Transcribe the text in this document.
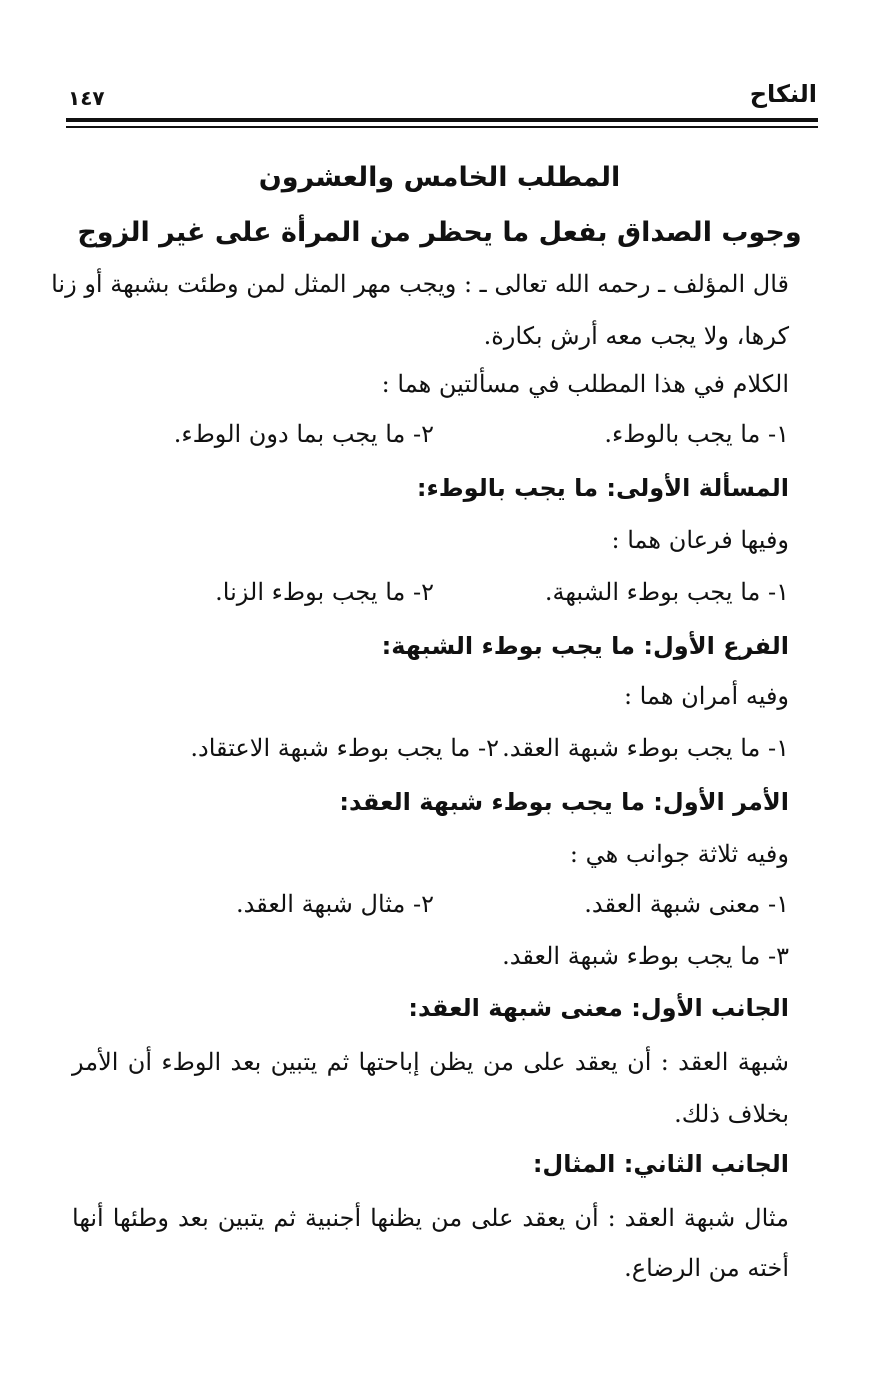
النكاح
١٤٧
المطلب الخامس والعشرون
وجوب الصداق بفعل ما يحظر من المرأة على غير الزوج
قال المؤلف ـ رحمه الله تعالى ـ : ويجب مهر المثل لمن وطئت بشبهة أو زنا
كرها، ولا يجب معه أرش بكارة.
الكلام في هذا المطلب في مسألتين هما :
١- ما يجب بالوطء.
٢- ما يجب بما دون الوطء.
المسألة الأولى: ما يجب بالوطء:
وفيها فرعان هما :
١- ما يجب بوطء الشبهة.
٢- ما يجب بوطء الزنا.
الفرع الأول: ما يجب بوطء الشبهة:
وفيه أمران هما :
١- ما يجب بوطء شبهة العقد.
٢- ما يجب بوطء شبهة الاعتقاد.
الأمر الأول: ما يجب بوطء شبهة العقد:
وفيه ثلاثة جوانب هي :
١- معنى شبهة العقد.
٢- مثال شبهة العقد.
٣- ما يجب بوطء شبهة العقد.
الجانب الأول: معنى شبهة العقد:
شبهة العقد : أن يعقد على من يظن إباحتها ثم يتبين بعد الوطء أن الأمر
بخلاف ذلك.
الجانب الثاني: المثال:
مثال شبهة العقد : أن يعقد على من يظنها أجنبية ثم يتبين بعد وطئها أنها
أخته من الرضاع.
